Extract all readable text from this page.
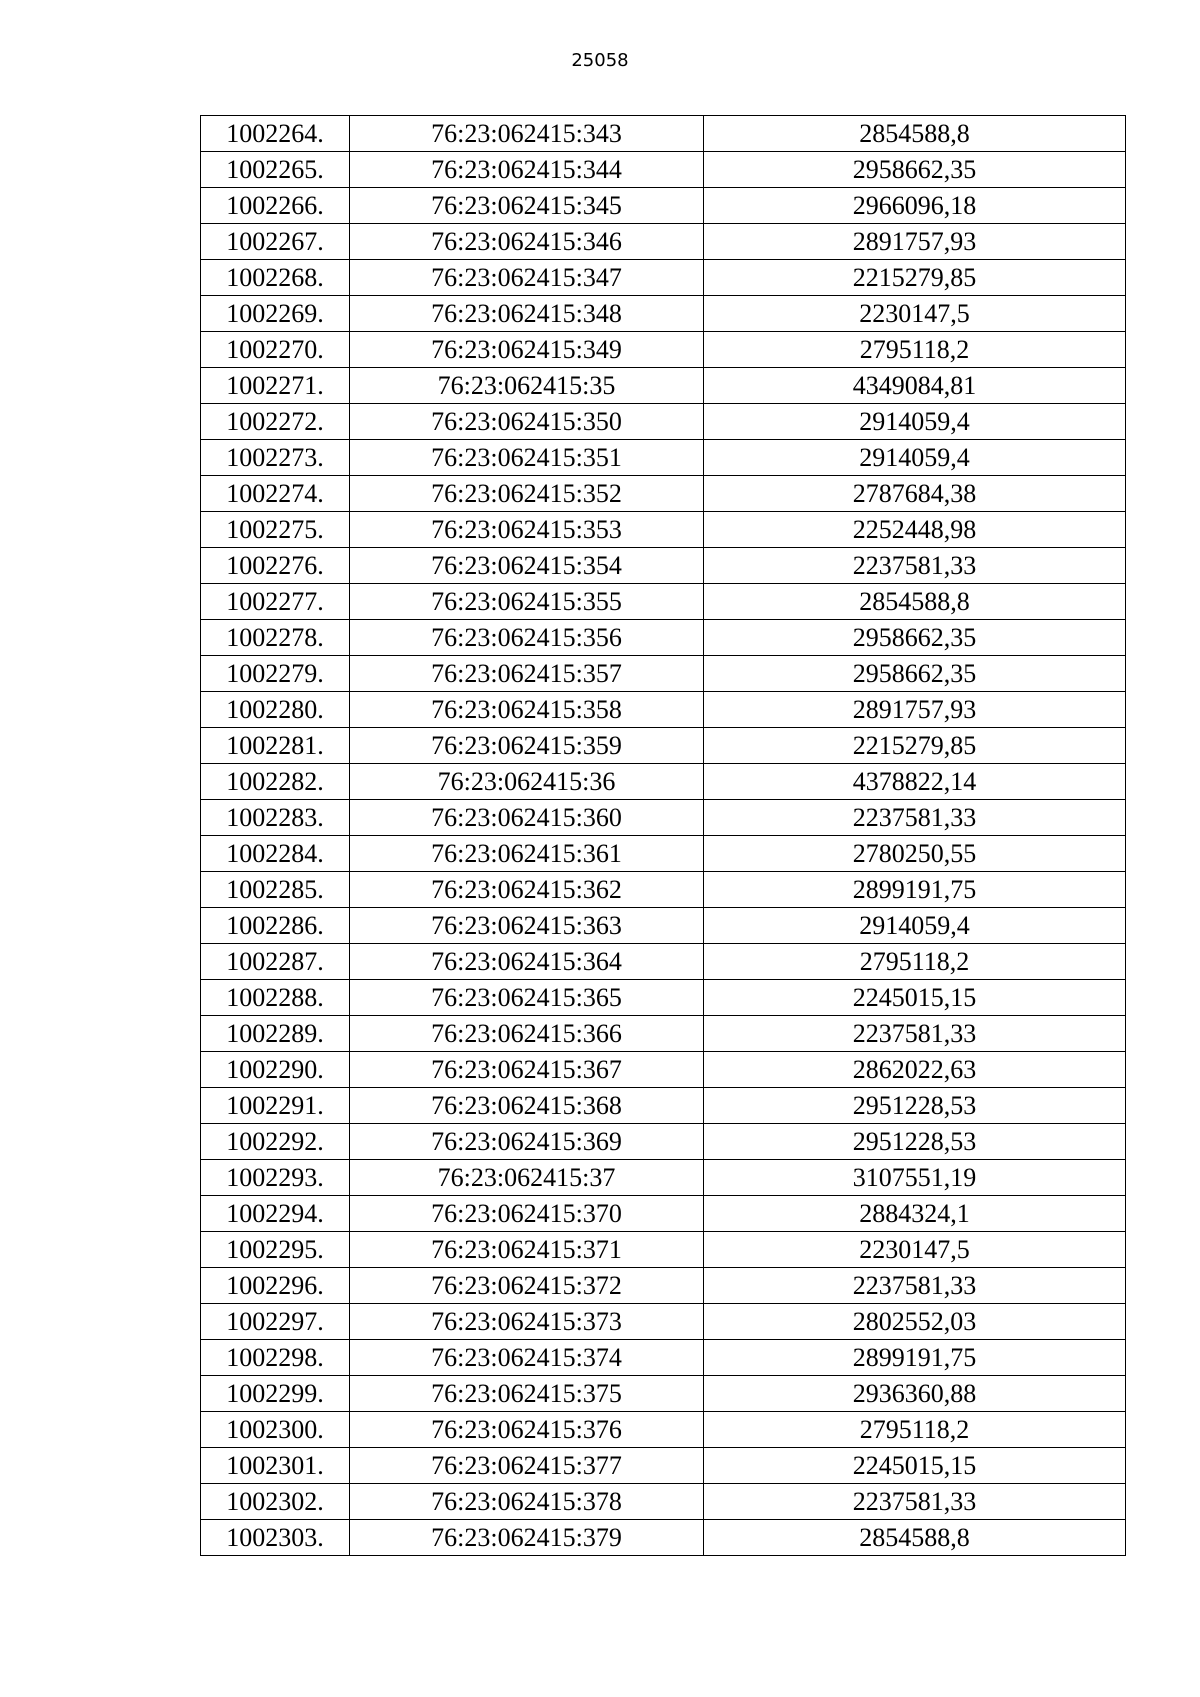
25058
1002264.	76:23:062415:343	2854588,8
1002265.	76:23:062415:344	2958662,35
1002266.	76:23:062415:345	2966096,18
1002267.	76:23:062415:346	2891757,93
1002268.	76:23:062415:347	2215279,85
1002269.	76:23:062415:348	2230147,5
1002270.	76:23:062415:349	2795118,2
1002271.	76:23:062415:35	4349084,81
1002272.	76:23:062415:350	2914059,4
1002273.	76:23:062415:351	2914059,4
1002274.	76:23:062415:352	2787684,38
1002275.	76:23:062415:353	2252448,98
1002276.	76:23:062415:354	2237581,33
1002277.	76:23:062415:355	2854588,8
1002278.	76:23:062415:356	2958662,35
1002279.	76:23:062415:357	2958662,35
1002280.	76:23:062415:358	2891757,93
1002281.	76:23:062415:359	2215279,85
1002282.	76:23:062415:36	4378822,14
1002283.	76:23:062415:360	2237581,33
1002284.	76:23:062415:361	2780250,55
1002285.	76:23:062415:362	2899191,75
1002286.	76:23:062415:363	2914059,4
1002287.	76:23:062415:364	2795118,2
1002288.	76:23:062415:365	2245015,15
1002289.	76:23:062415:366	2237581,33
1002290.	76:23:062415:367	2862022,63
1002291.	76:23:062415:368	2951228,53
1002292.	76:23:062415:369	2951228,53
1002293.	76:23:062415:37	3107551,19
1002294.	76:23:062415:370	2884324,1
1002295.	76:23:062415:371	2230147,5
1002296.	76:23:062415:372	2237581,33
1002297.	76:23:062415:373	2802552,03
1002298.	76:23:062415:374	2899191,75
1002299.	76:23:062415:375	2936360,88
1002300.	76:23:062415:376	2795118,2
1002301.	76:23:062415:377	2245015,15
1002302.	76:23:062415:378	2237581,33
1002303.	76:23:062415:379	2854588,8
